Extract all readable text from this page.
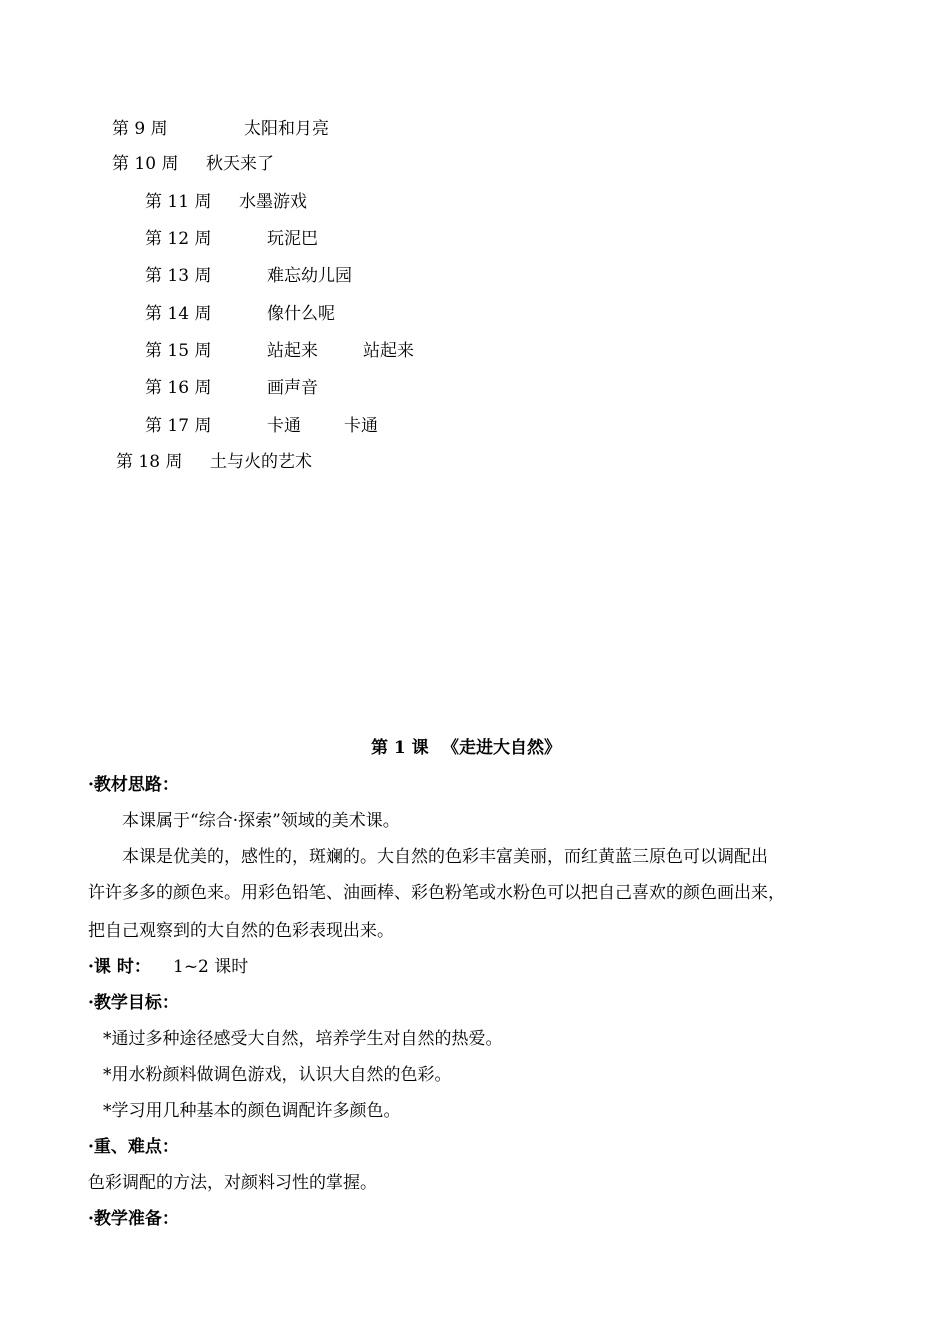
第 9 周	太阳和月亮
第 10 周 秋天来了
第 11 周 水墨游戏
第 12 周	玩泥巴
第 13 周	难忘幼儿园
第 14 周	像什么呢
第 15 周	站起来	站起来
第 16 周	画声音
第 17 周	卡通	卡通
第 18 周 土与火的艺术
第 1 课 《走进大自然》
·教材思路：
本课属于“综合·探索”领域的美术课。
本课是优美的，感性的，斑斓的。大自然的色彩丰富美丽，而红黄蓝三原色可以调配出
许许多多的颜色来。用彩色铅笔、油画棒、彩色粉笔或水粉色可以把自己喜欢的颜色画出来，
把自己观察到的大自然的色彩表现出来。
·课 时： 1~2 课时
·教学目标：
*通过多种途径感受大自然，培养学生对自然的热爱。
*用水粉颜料做调色游戏，认识大自然的色彩。
*学习用几种基本的颜色调配许多颜色。
·重、难点：
色彩调配的方法，对颜料习性的掌握。
·教学准备：
